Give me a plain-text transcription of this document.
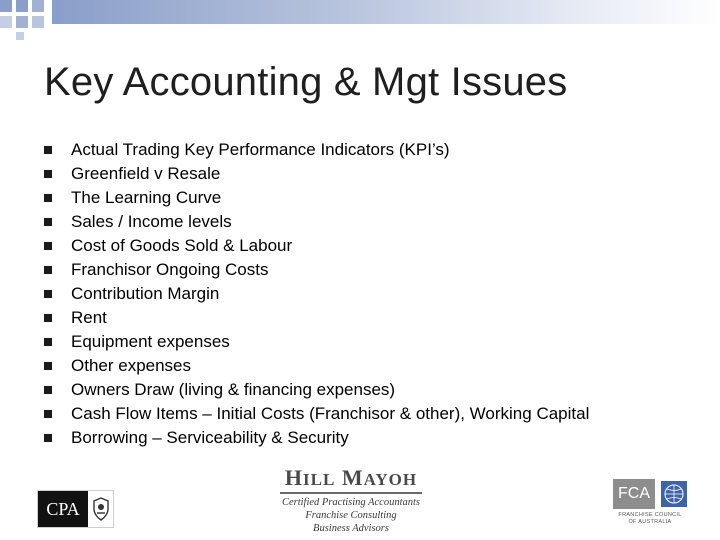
Key Accounting & Mgt Issues
Actual Trading Key Performance Indicators (KPI’s)
Greenfield v Resale
The Learning Curve
Sales / Income levels
Cost of Goods Sold & Labour
Franchisor Ongoing Costs
Contribution Margin
Rent
Equipment expenses
Other expenses
Owners Draw (living & financing expenses)
Cash Flow Items – Initial Costs (Franchisor & other), Working Capital
Borrowing – Serviceability & Security
CPA
HILL MAYOH
Certified Practising Accountants
Franchise Consulting
Business Advisors
FCA
FRANCHISE COUNCIL
OF AUSTRALIA
